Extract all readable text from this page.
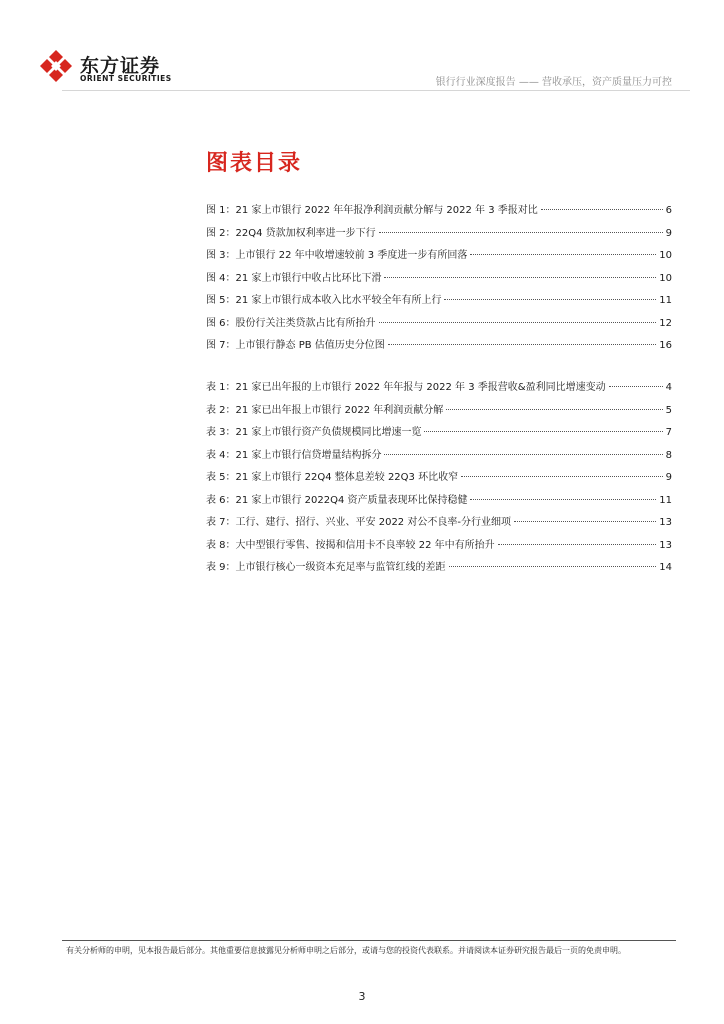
东方证券
ORIENT SECURITIES	银行行业深度报告 —— 营收承压，资产质量压力可控
图表目录
图 1：21 家上市银行 2022 年年报净利润贡献分解与 2022 年 3 季报对比	6
图 2：22Q4 贷款加权利率进一步下行	9
图 3：上市银行 22 年中收增速较前 3 季度进一步有所回落	10
图 4：21 家上市银行中收占比环比下滑	10
图 5：21 家上市银行成本收入比水平较全年有所上行	11
图 6：股份行关注类贷款占比有所抬升	12
图 7：上市银行静态 PB 估值历史分位图	16
表 1：21 家已出年报的上市银行 2022 年年报与 2022 年 3 季报营收&盈利同比增速变动	4
表 2：21 家已出年报上市银行 2022 年利润贡献分解	5
表 3：21 家上市银行资产负债规模同比增速一览	7
表 4：21 家上市银行信贷增量结构拆分	8
表 5：21 家上市银行 22Q4 整体息差较 22Q3 环比收窄	9
表 6：21 家上市银行 2022Q4 资产质量表现环比保持稳健	11
表 7：工行、建行、招行、兴业、平安 2022 对公不良率-分行业细项	13
表 8：大中型银行零售、按揭和信用卡不良率较 22 年中有所抬升	13
表 9：上市银行核心一级资本充足率与监管红线的差距	14
有关分析师的申明，见本报告最后部分。其他重要信息披露见分析师申明之后部分，或请与您的投资代表联系。并请阅读本证券研究报告最后一页的免责申明。
3
